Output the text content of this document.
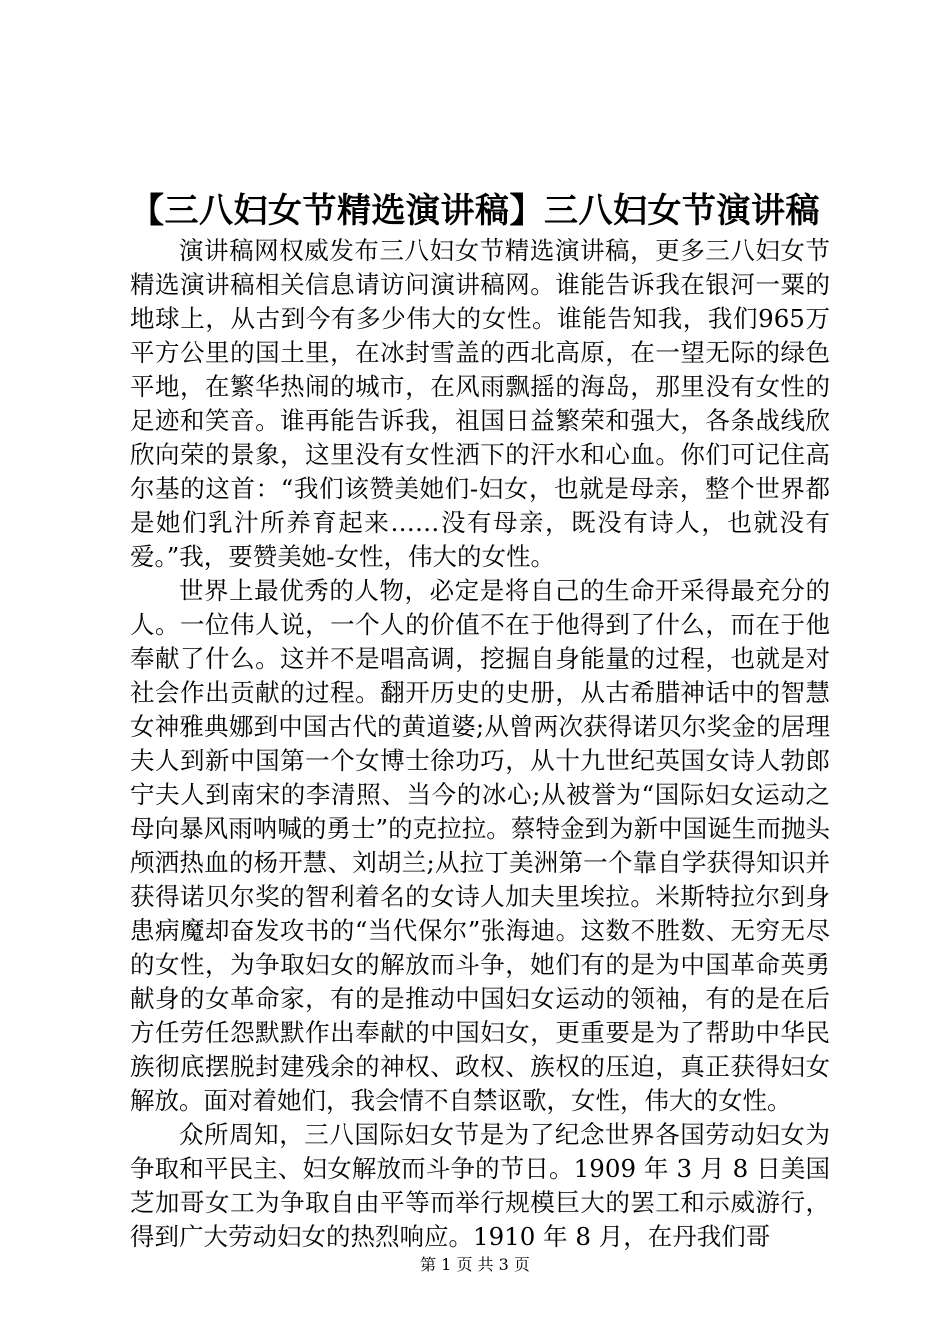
【三八妇女节精选演讲稿】三八妇女节演讲稿

演讲稿网权威发布三八妇女节精选演讲稿，更多三八妇女节精选演讲稿相关信息请访问演讲稿网。谁能告诉我在银河一粟的地球上，从古到今有多少伟大的女性。谁能告知我，我们965万平方公里的国土里，在冰封雪盖的西北高原，在一望无际的绿色平地，在繁华热闹的城市，在风雨飘摇的海岛，那里没有女性的足迹和笑音。谁再能告诉我，祖国日益繁荣和强大，各条战线欣欣向荣的景象，这里没有女性洒下的汗水和心血。你们可记住高尔基的这首：“我们该赞美她们-妇女，也就是母亲，整个世界都是她们乳汁所养育起来……没有母亲，既没有诗人，也就没有爱。”我，要赞美她-女性，伟大的女性。

世界上最优秀的人物，必定是将自己的生命开采得最充分的人。一位伟人说，一个人的价值不在于他得到了什么，而在于他奉献了什么。这并不是唱高调，挖掘自身能量的过程，也就是对社会作出贡献的过程。翻开历史的史册，从古希腊神话中的智慧女神雅典娜到中国古代的黄道婆;从曾两次获得诺贝尔奖金的居理夫人到新中国第一个女博士徐功巧，从十九世纪英国女诗人勃郎宁夫人到南宋的李清照、当今的冰心;从被誉为“国际妇女运动之母向暴风雨呐喊的勇士”的克拉拉。蔡特金到为新中国诞生而抛头颅洒热血的杨开慧、刘胡兰;从拉丁美洲第一个靠自学获得知识并获得诺贝尔奖的智利着名的女诗人加夫里埃拉。米斯特拉尔到身患病魔却奋发攻书的“当代保尔”张海迪。这数不胜数、无穷无尽的女性，为争取妇女的解放而斗争，她们有的是为中国革命英勇献身的女革命家，有的是推动中国妇女运动的领袖，有的是在后方任劳任怨默默作出奉献的中国妇女，更重要是为了帮助中华民族彻底摆脱封建残余的神权、政权、族权的压迫，真正获得妇女解放。面对着她们，我会情不自禁讴歌，女性，伟大的女性。

众所周知，三八国际妇女节是为了纪念世界各国劳动妇女为争取和平民主、妇女解放而斗争的节日。1909 年 3 月 8 日美国芝加哥女工为争取自由平等而举行规模巨大的罢工和示威游行，得到广大劳动妇女的热烈响应。1910 年 8 月，在丹我们哥

第 1 页 共 3 页
